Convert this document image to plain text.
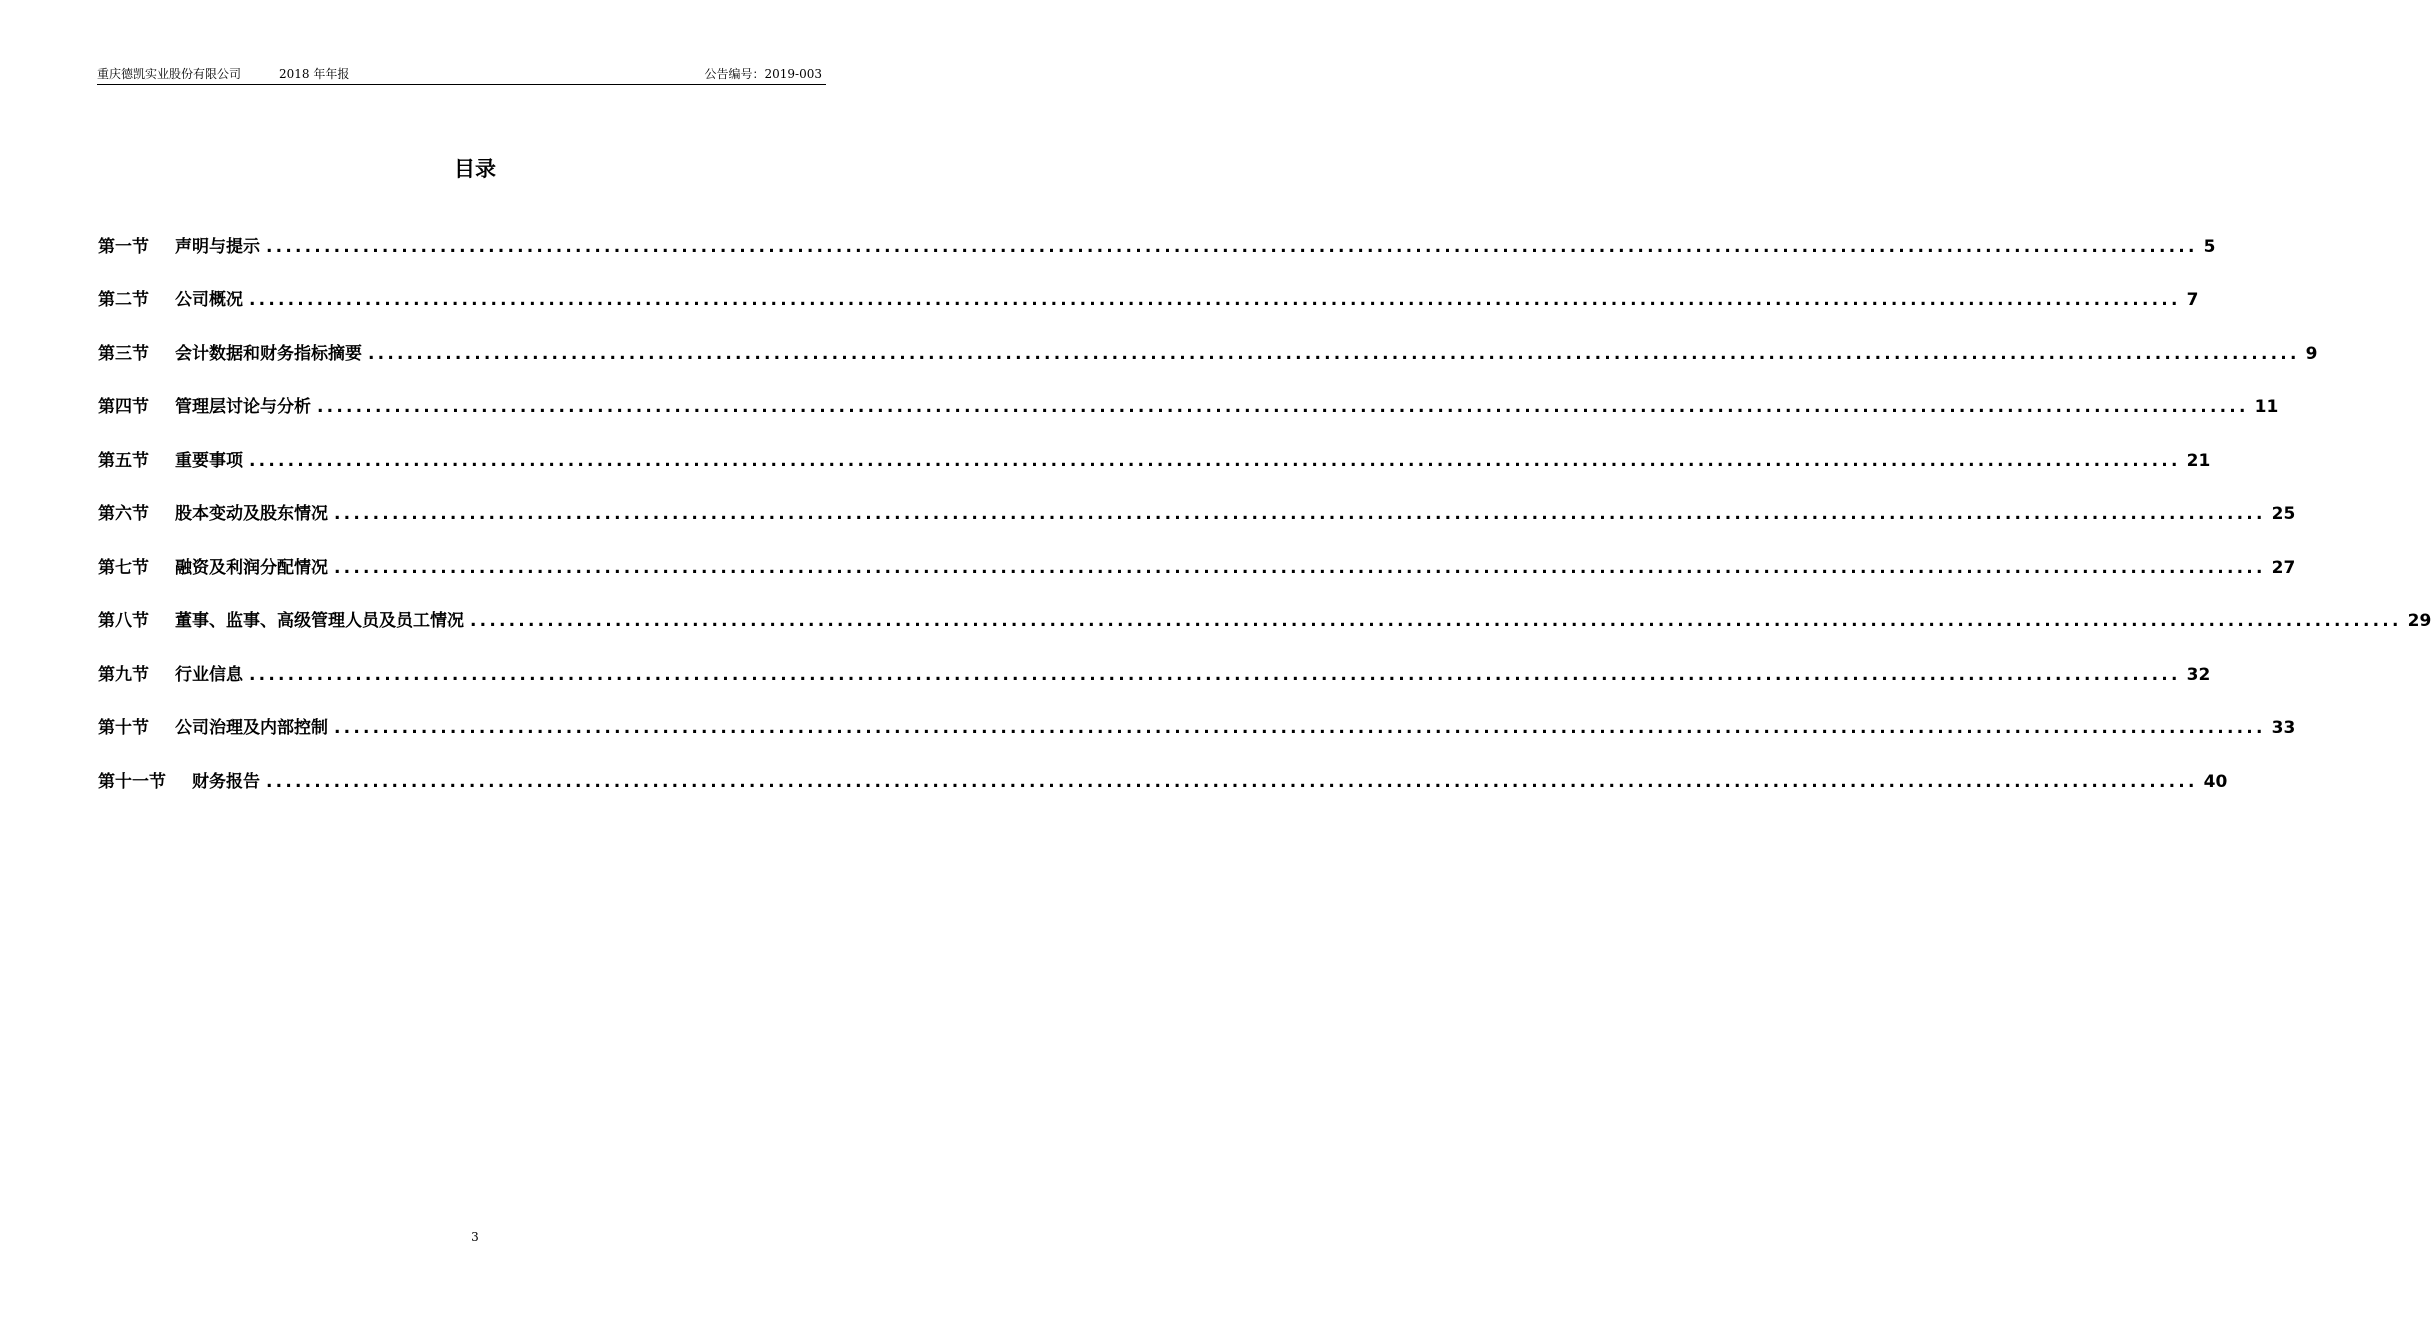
重庆德凯实业股份有限公司	2018 年年报	公告编号：2019-003
目录
第一节 声明与提示 ........................................................................................................................................................................................................ 5
第二节 公司概况 ........................................................................................................................................................................................................ 7
第三节 会计数据和财务指标摘要 ........................................................................................................................................................................................................ 9
第四节 管理层讨论与分析 ........................................................................................................................................................................................................ 11
第五节 重要事项 ........................................................................................................................................................................................................ 21
第六节 股本变动及股东情况 ........................................................................................................................................................................................................ 25
第七节 融资及利润分配情况 ........................................................................................................................................................................................................ 27
第八节 董事、监事、高级管理人员及员工情况 ........................................................................................................................................................................................................ 29
第九节 行业信息 ........................................................................................................................................................................................................ 32
第十节 公司治理及内部控制 ........................................................................................................................................................................................................ 33
第十一节 财务报告 ........................................................................................................................................................................................................ 40
3
